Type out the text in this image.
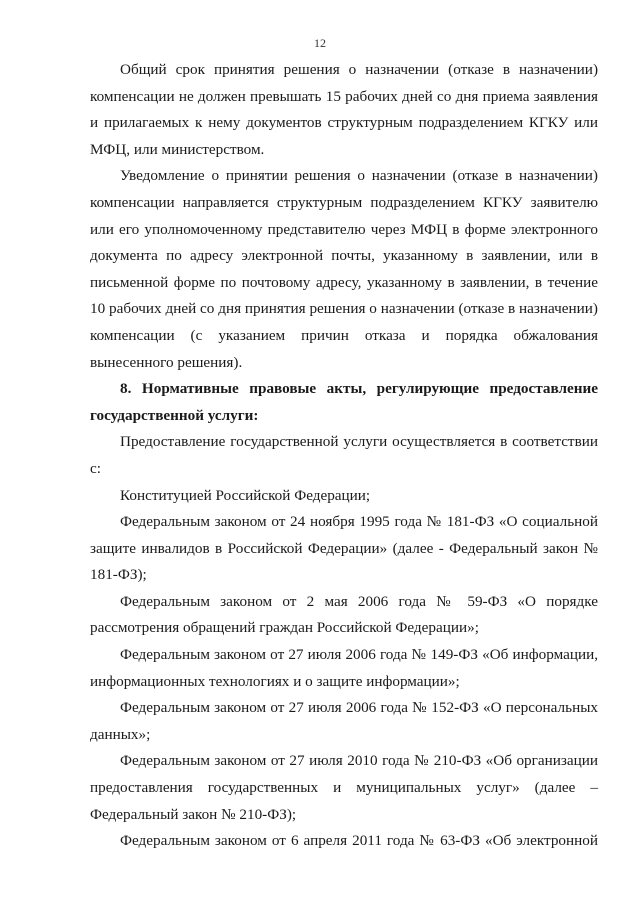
12

Общий срок принятия решения о назначении (отказе в назначении) компенсации не должен превышать 15 рабочих дней со дня приема заявления и прилагаемых к нему документов структурным подразделением КГКУ или МФЦ, или министерством.

Уведомление о принятии решения о назначении (отказе в назначении) компенсации направляется структурным подразделением КГКУ заявителю или его уполномоченному представителю через МФЦ в форме электронного документа по адресу электронной почты, указанному в заявлении, или в письменной форме по почтовому адресу, указанному в заявлении, в течение 10 рабочих дней со дня принятия решения о назначении (отказе в назначении) компенсации (с указанием причин отказа и порядка обжалования вынесенного решения).

8. Нормативные правовые акты, регулирующие предоставление государственной услуги:

Предоставление государственной услуги осуществляется в соответствии с:

Конституцией Российской Федерации;

Федеральным законом от 24 ноября 1995 года № 181-ФЗ «О социальной защите инвалидов в Российской Федерации» (далее - Федеральный закон № 181-ФЗ);

Федеральным законом от 2 мая 2006 года № 59-ФЗ «О порядке рассмотрения обращений граждан Российской Федерации»;

Федеральным законом от 27 июля 2006 года № 149-ФЗ «Об информации, информационных технологиях и о защите информации»;

Федеральным законом от 27 июля 2006 года № 152-ФЗ «О персональных данных»;

Федеральным законом от 27 июля 2010 года № 210-ФЗ «Об организации предоставления государственных и муниципальных услуг» (далее – Федеральный закон № 210-ФЗ);

Федеральным законом от 6 апреля 2011 года № 63-ФЗ «Об электронной
